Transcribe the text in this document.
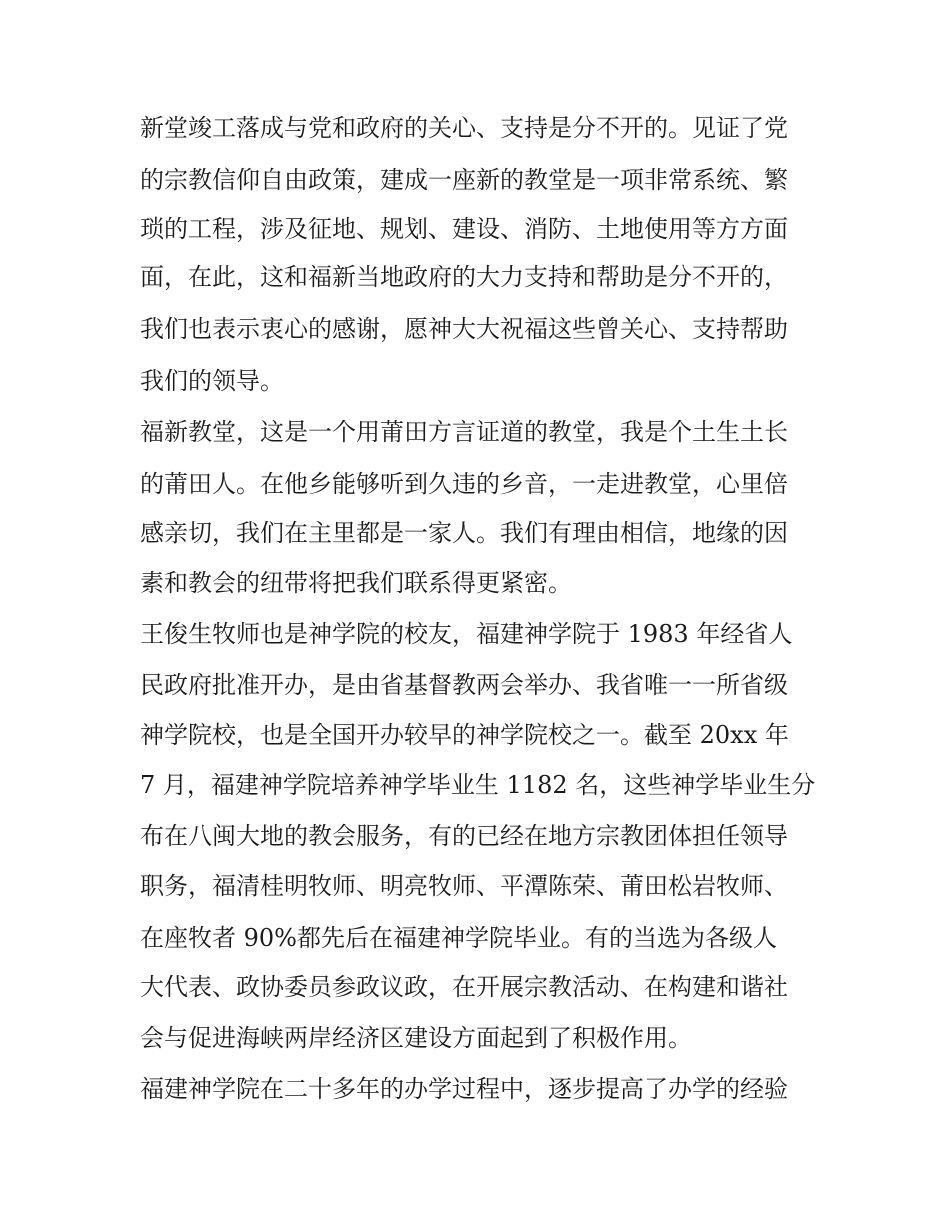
新堂竣工落成与党和政府的关心、支持是分不开的。见证了党
的宗教信仰自由政策，建成一座新的教堂是一项非常系统、繁
琐的工程，涉及征地、规划、建设、消防、土地使用等方方面
面，在此，这和福新当地政府的大力支持和帮助是分不开的，
我们也表示衷心的感谢，愿神大大祝福这些曾关心、支持帮助
我们的领导。
福新教堂，这是一个用莆田方言证道的教堂，我是个土生土长
的莆田人。在他乡能够听到久违的乡音，一走进教堂，心里倍
感亲切，我们在主里都是一家人。我们有理由相信，地缘的因
素和教会的纽带将把我们联系得更紧密。
王俊生牧师也是神学院的校友，福建神学院于 1983 年经省人
民政府批准开办，是由省基督教两会举办、我省唯一一所省级
神学院校，也是全国开办较早的神学院校之一。截至 20xx 年
7 月，福建神学院培养神学毕业生 1182 名，这些神学毕业生分
布在八闽大地的教会服务，有的已经在地方宗教团体担任领导
职务，福清桂明牧师、明亮牧师、平潭陈荣、莆田松岩牧师、
在座牧者 90%都先后在福建神学院毕业。有的当选为各级人
大代表、政协委员参政议政，在开展宗教活动、在构建和谐社
会与促进海峡两岸经济区建设方面起到了积极作用。
福建神学院在二十多年的办学过程中，逐步提高了办学的经验
